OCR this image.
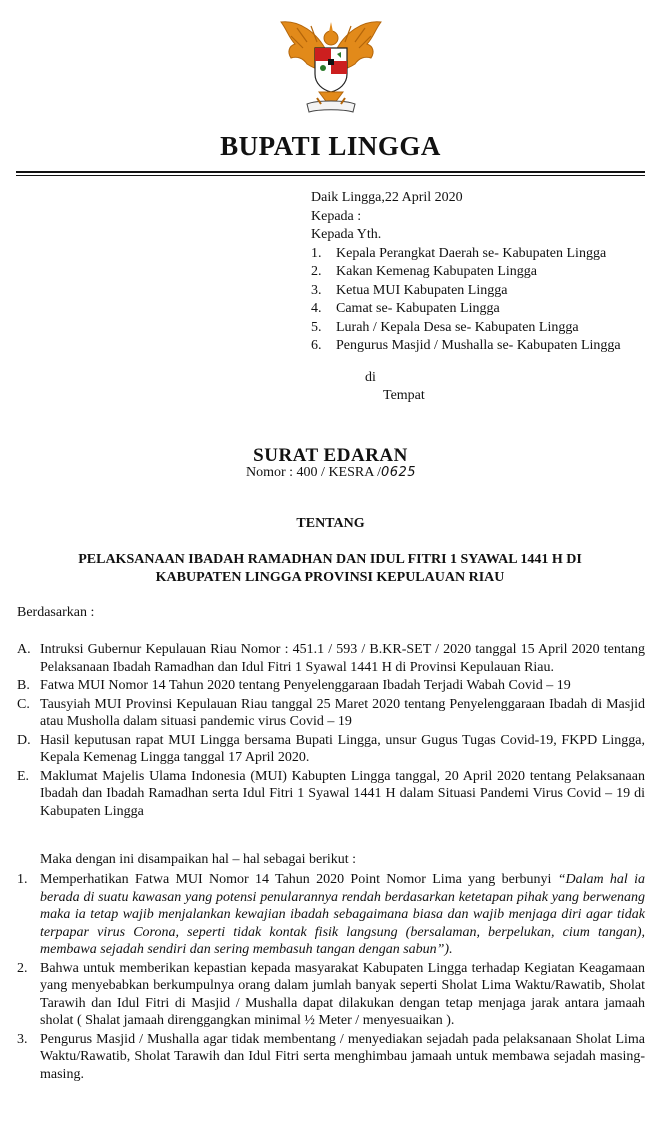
BUPATI LINGGA
Daik Lingga,22 April 2020
Kepada :
Kepada Yth.
1. Kepala Perangkat Daerah se- Kabupaten Lingga
2. Kakan Kemenag Kabupaten Lingga
3. Ketua MUI Kabupaten Lingga
4. Camat se- Kabupaten Lingga
5. Lurah / Kepala Desa se- Kabupaten Lingga
6. Pengurus Masjid / Mushalla se- Kabupaten Lingga
di
Tempat
SURAT EDARAN
Nomor : 400 / KESRA /0625
TENTANG
PELAKSANAAN IBADAH RAMADHAN DAN IDUL FITRI 1 SYAWAL 1441 H DI
KABUPATEN LINGGA PROVINSI KEPULAUAN RIAU
Berdasarkan :
A. Intruksi Gubernur Kepulauan Riau Nomor : 451.1 / 593 / B.KR-SET / 2020 tanggal 15 April 2020 tentang Pelaksanaan Ibadah Ramadhan dan Idul Fitri 1 Syawal 1441 H di Provinsi Kepulauan Riau.
B. Fatwa MUI Nomor 14 Tahun 2020 tentang Penyelenggaraan Ibadah Terjadi Wabah Covid – 19
C. Tausyiah MUI Provinsi Kepulauan Riau tanggal 25 Maret 2020 tentang Penyelenggaraan Ibadah di Masjid atau Musholla dalam situasi pandemic virus Covid – 19
D. Hasil keputusan rapat MUI Lingga bersama Bupati Lingga, unsur Gugus Tugas Covid-19, FKPD Lingga, Kepala Kemenag Lingga tanggal 17 April 2020.
E. Maklumat Majelis Ulama Indonesia (MUI) Kabupten Lingga tanggal, 20 April 2020 tentang Pelaksanaan Ibadah dan Ibadah Ramadhan serta Idul Fitri 1 Syawal 1441 H dalam Situasi Pandemi Virus Covid – 19 di Kabupaten Lingga
Maka dengan ini disampaikan hal – hal sebagai berikut :
1. Memperhatikan Fatwa MUI Nomor 14 Tahun 2020 Point Nomor Lima yang berbunyi “Dalam hal ia berada di suatu kawasan yang potensi penularannya rendah berdasarkan ketetapan pihak yang berwenang maka ia tetap wajib menjalankan kewajian ibadah sebagaimana biasa dan wajib menjaga diri agar tidak terpapar virus Corona, seperti tidak kontak fisik langsung (bersalaman, berpelukan, cium tangan), membawa sejadah sendiri dan sering membasuh tangan dengan sabun”).
2. Bahwa untuk memberikan kepastian kepada masyarakat Kabupaten Lingga terhadap Kegiatan Keagamaan yang menyebabkan berkumpulnya orang dalam jumlah banyak seperti Sholat Lima Waktu/Rawatib, Sholat Tarawih dan Idul Fitri di Masjid / Mushalla dapat dilakukan dengan tetap menjaga jarak antara jamaah sholat ( Shalat jamaah direnggangkan minimal ½ Meter / menyesuaikan ).
3. Pengurus Masjid / Mushalla agar tidak membentang / menyediakan sejadah pada pelaksanaan Sholat Lima Waktu/Rawatib, Sholat Tarawih dan Idul Fitri serta menghimbau jamaah untuk membawa sejadah masing-masing.
